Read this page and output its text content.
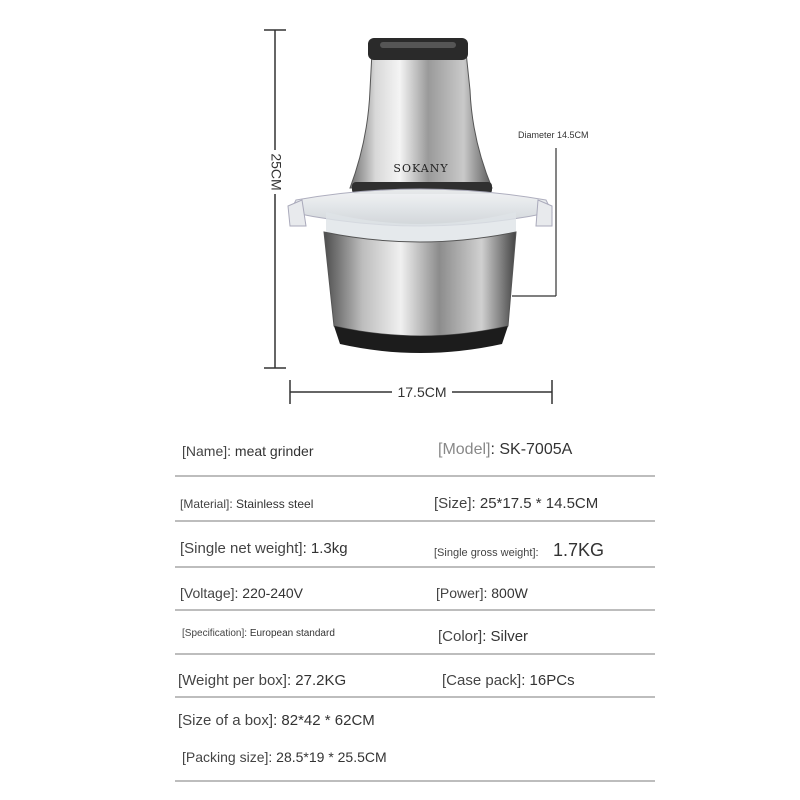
SOKANY
25CM
17.5CM
Diameter 14.5CM
[Name]: meat grinder	[Model]: SK-7005A
[Material]: Stainless steel	[Size]: 25*17.5 * 14.5CM
[Single net weight]: 1.3kg	[Single gross weight]: 1.7KG
[Voltage]: 220-240V	[Power]: 800W
[Specification]: European standard	[Color]: Silver
[Weight per box]: 27.2KG	[Case pack]: 16PCs
[Size of a box]: 82*42 * 62CM
[Packing size]: 28.5*19 * 25.5CM
